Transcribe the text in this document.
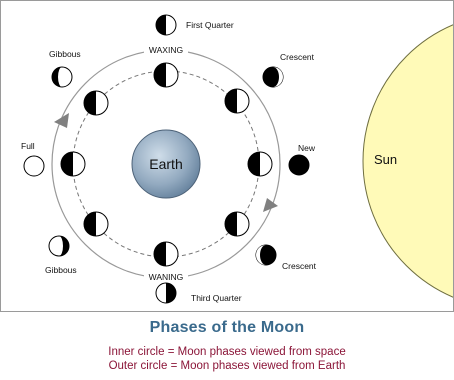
Sun
Earth
WAXING
WANING
First Quarter
Gibbous	Crescent
Full	New
Gibbous	Crescent
Third Quarter
Phases of the Moon
Inner circle = Moon phases viewed from space
Outer circle = Moon phases viewed from Earth
